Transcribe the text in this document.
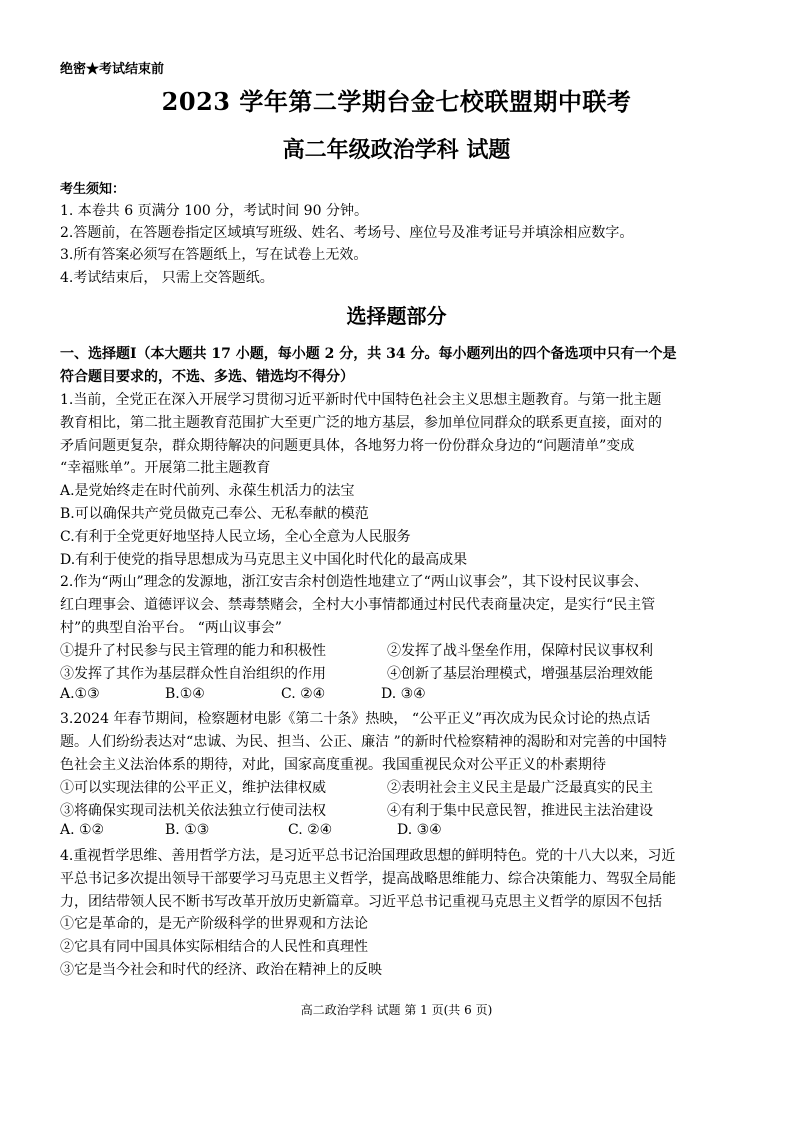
绝密★考试结束前
2023 学年第二学期台金七校联盟期中联考
高二年级政治学科 试题
考生须知：
1. 本卷共 6 页满分 100 分，考试时间 90 分钟。
2.答题前，在答题卷指定区域填写班级、姓名、考场号、座位号及准考证号并填涂相应数字。
3.所有答案必须写在答题纸上，写在试卷上无效。
4.考试结束后， 只需上交答题纸。
选择题部分
一、选择题Ⅰ（本大题共 17 小题，每小题 2 分，共 34 分。每小题列出的四个备选项中只有一个是
符合题目要求的，不选、多选、错选均不得分）
1.当前，全党正在深入开展学习贯彻习近平新时代中国特色社会主义思想主题教育。与第一批主题
教育相比，第二批主题教育范围扩大至更广泛的地方基层，参加单位同群众的联系更直接，面对的
矛盾问题更复杂，群众期待解决的问题更具体，各地努力将一份份群众身边的“问题清单”变成
“幸福账单”。开展第二批主题教育
A.是党始终走在时代前列、永葆生机活力的法宝
B.可以确保共产党员做克己奉公、无私奉献的模范
C.有利于全党更好地坚持人民立场，全心全意为人民服务
D.有利于使党的指导思想成为马克思主义中国化时代化的最高成果
2.作为“两山”理念的发源地，浙江安吉余村创造性地建立了“两山议事会”，其下设村民议事会、
红白理事会、道德评议会、禁毒禁赌会，全村大小事情都通过村民代表商量决定，是实行“民主管
村”的典型自治平台。 “两山议事会”
①提升了村民参与民主管理的能力和积极性	②发挥了战斗堡垒作用，保障村民议事权利
③发挥了其作为基层群众性自治组织的作用	④创新了基层治理模式，增强基层治理效能
A.①③	B.①④	C. ②④	D. ③④
3.2024 年春节期间，检察题材电影《第二十条》热映， “公平正义”再次成为民众讨论的热点话
题。人们纷纷表达对“忠诚、为民、担当、公正、廉洁 ”的新时代检察精神的渴盼和对完善的中国特
色社会主义法治体系的期待，对此，国家高度重视。我国重视民众对公平正义的朴素期待
①可以实现法律的公平正义，维护法律权威	②表明社会主义民主是最广泛最真实的民主
③将确保实现司法机关依法独立行使司法权	④有利于集中民意民智，推进民主法治建设
A. ①②	B. ①③	C. ②④	D. ③④
4.重视哲学思维、善用哲学方法，是习近平总书记治国理政思想的鲜明特色。党的十八大以来，习近
平总书记多次提出领导干部要学习马克思主义哲学，提高战略思维能力、综合决策能力、驾驭全局能
力，团结带领人民不断书写改革开放历史新篇章。习近平总书记重视马克思主义哲学的原因不包括
①它是革命的，是无产阶级科学的世界观和方法论
②它具有同中国具体实际相结合的人民性和真理性
③它是当今社会和时代的经济、政治在精神上的反映
高二政治学科 试题 第 1 页(共 6 页)
